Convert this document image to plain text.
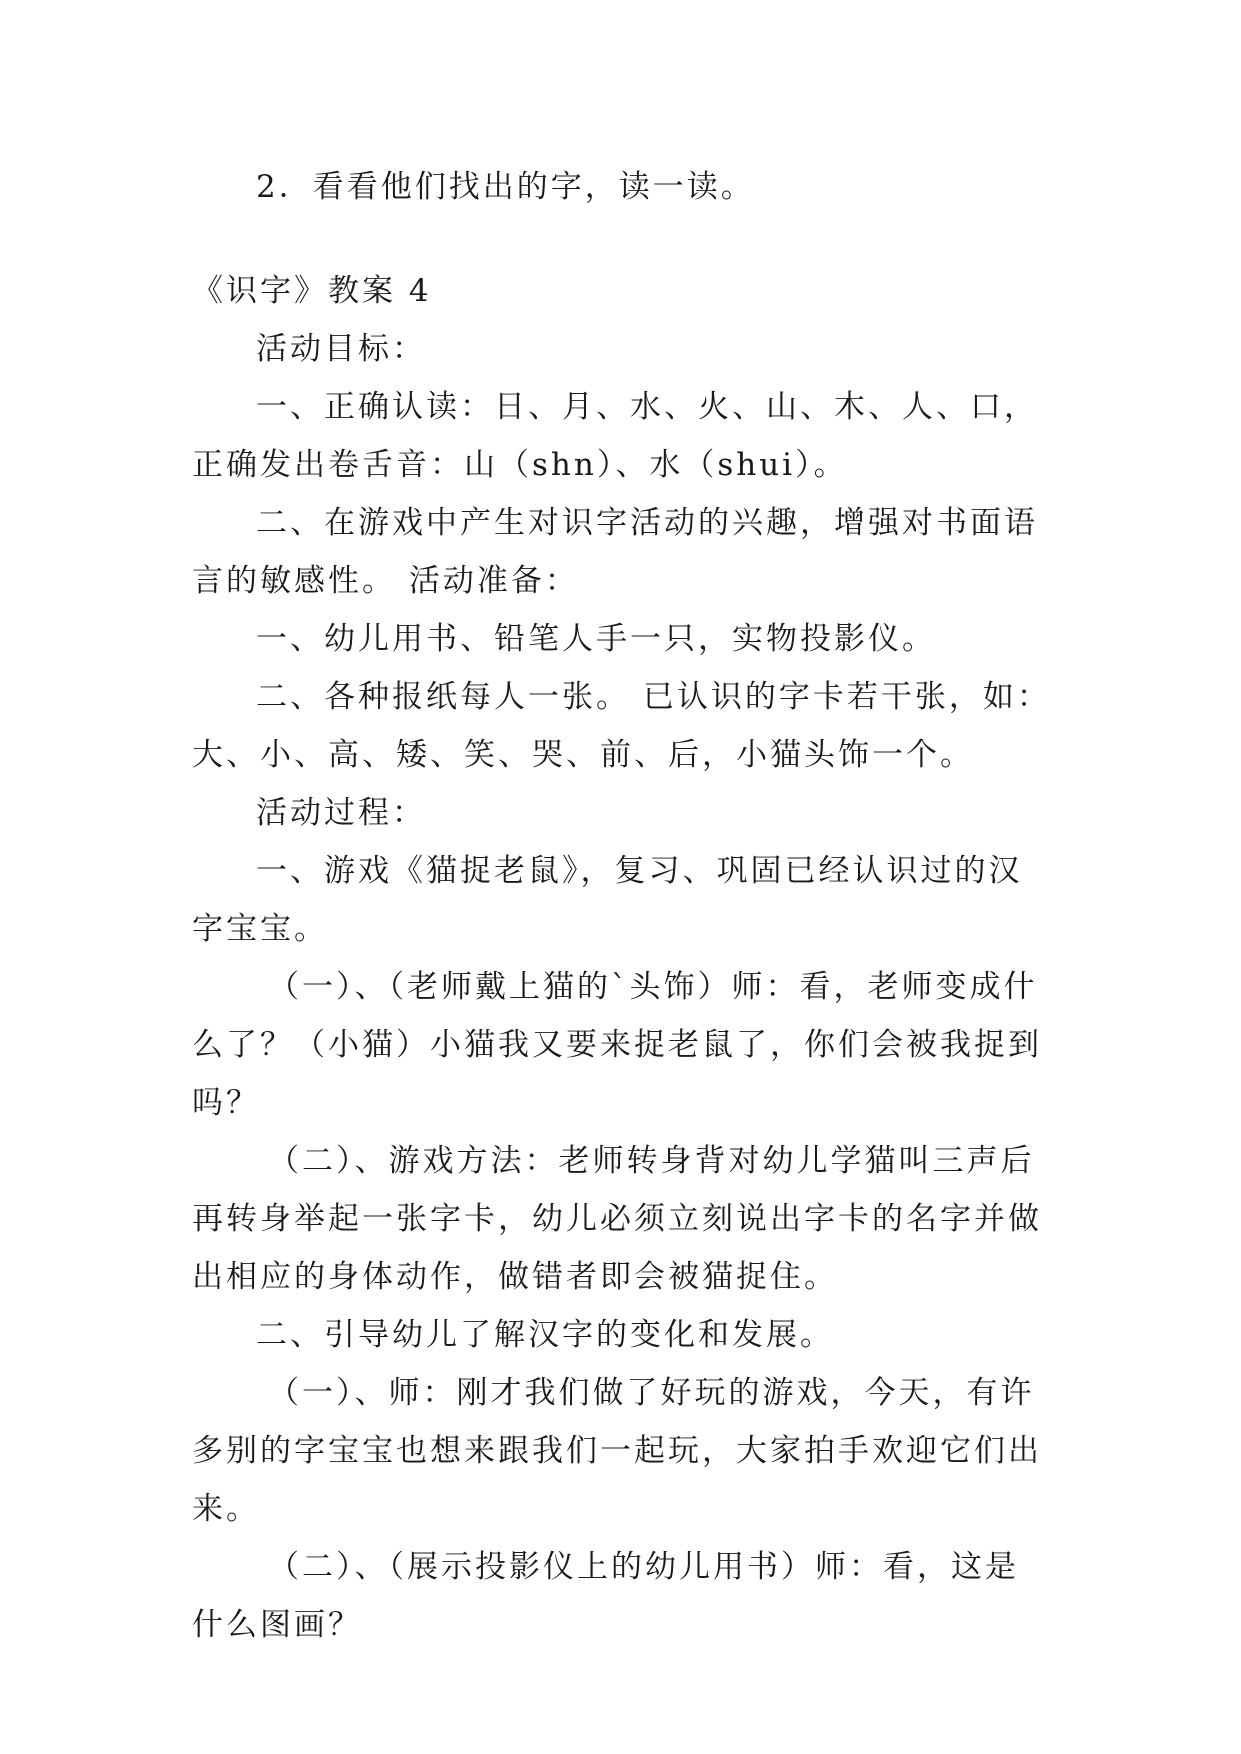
2．看看他们找出的字，读一读。

《识字》教案 4

活动目标：

一、正确认读：日、月、水、火、山、木、人、口，正确发出卷舌音：山（shn）、水（shui）。

二、在游戏中产生对识字活动的兴趣，增强对书面语言的敏感性。 活动准备：

一、幼儿用书、铅笔人手一只，实物投影仪。

二、各种报纸每人一张。 已认识的字卡若干张，如：大、小、高、矮、笑、哭、前、后，小猫头饰一个。

活动过程：

一、游戏《猫捉老鼠》，复习、巩固已经认识过的汉字宝宝。

（一）、（老师戴上猫的`头饰）师：看，老师变成什么了？（小猫）小猫我又要来捉老鼠了，你们会被我捉到吗？

（二）、游戏方法：老师转身背对幼儿学猫叫三声后再转身举起一张字卡，幼儿必须立刻说出字卡的名字并做出相应的身体动作，做错者即会被猫捉住。

二、引导幼儿了解汉字的变化和发展。

（一）、师：刚才我们做了好玩的游戏，今天，有许多别的字宝宝也想来跟我们一起玩，大家拍手欢迎它们出来。

（二）、（展示投影仪上的幼儿用书）师：看，这是什么图画？
